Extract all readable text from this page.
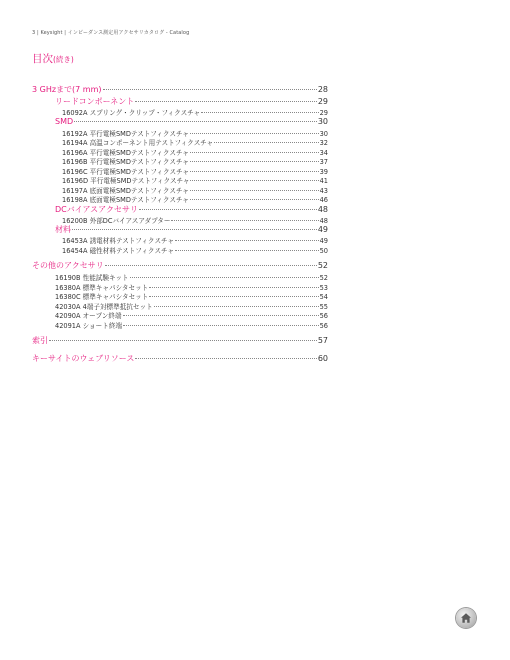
3 | Keysight | インピーダンス測定用アクセサリカタログ - Catalog
目次(続き)
3 GHzまで(7 mm)	28
リードコンポーネント	29
16092A スプリング・クリップ・フィクスチャ	29
SMD	30
16192A 平行電極SMDテストフィクスチャ	30
16194A 高温コンポーネント用テストフィクスチャ	32
16196A 平行電極SMDテストフィクスチャ	34
16196B 平行電極SMDテストフィクスチャ	37
16196C 平行電極SMDテストフィクスチャ	39
16196D 平行電極SMDテストフィクスチャ	41
16197A 底面電極SMDテストフィクスチャ	43
16198A 底面電極SMDテストフィクスチャ	46
DCバイアスアクセサリ	48
16200B 外部DCバイアスアダプター	48
材料	49
16453A 誘電材料テストフィクスチャ	49
16454A 磁性材料テストフィクスチャ	50
その他のアクセサリ	52
16190B 性能試験キット	52
16380A 標準キャパシタセット	53
16380C 標準キャパシタセット	54
42030A 4端子対標準抵抗セット	55
42090A オープン終端	56
42091A ショート終端	56
索引	57
キーサイトのウェブリソース	60
